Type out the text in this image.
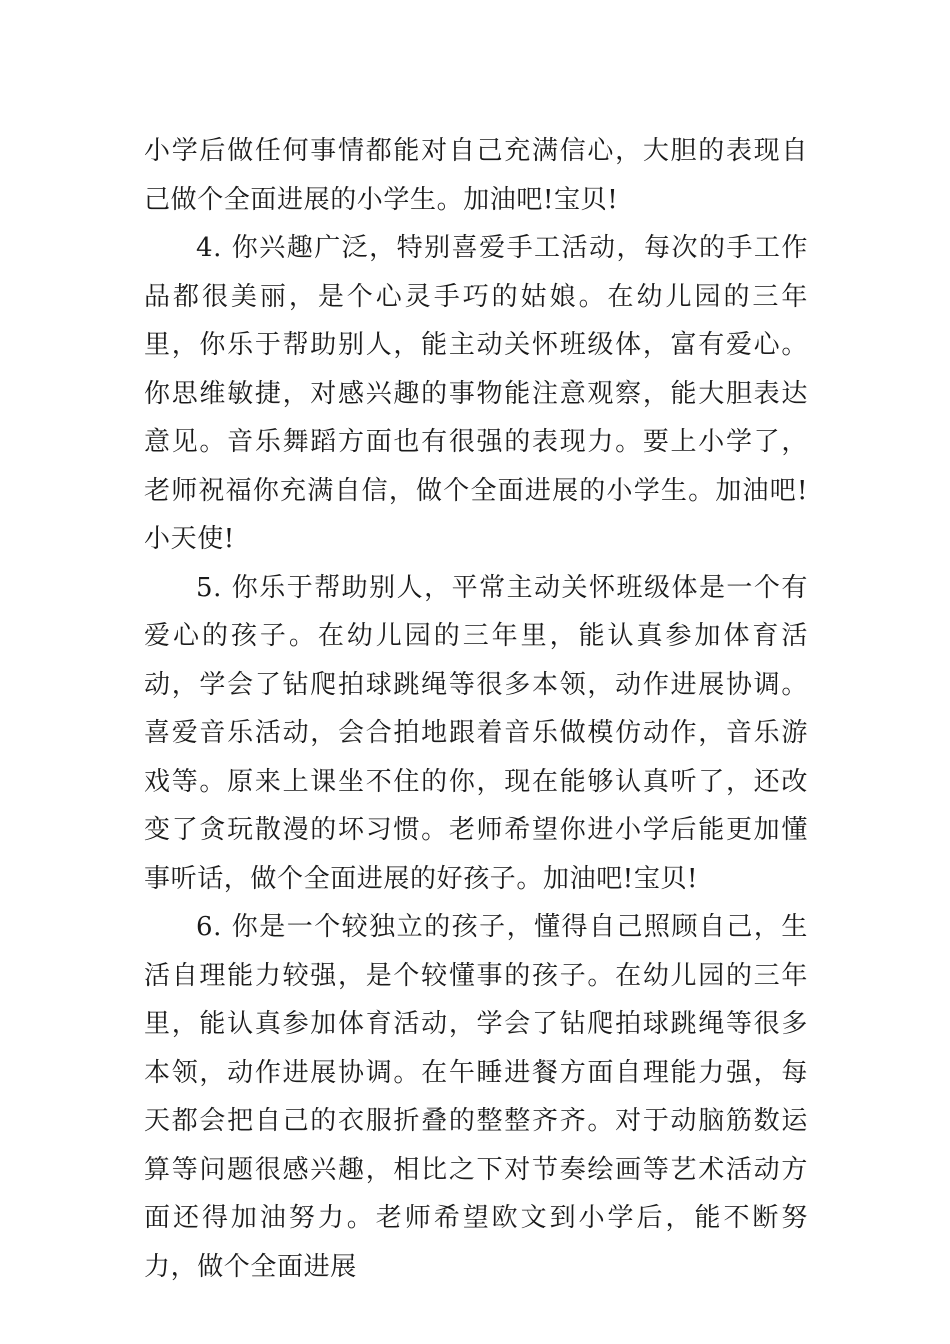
小学后做任何事情都能对自己充满信心，大胆的表现自己做个全面进展的小学生。加油吧!宝贝!

4. 你兴趣广泛，特别喜爱手工活动，每次的手工作品都很美丽，是个心灵手巧的姑娘。在幼儿园的三年里，你乐于帮助别人，能主动关怀班级体，富有爱心。你思维敏捷，对感兴趣的事物能注意观察，能大胆表达意见。音乐舞蹈方面也有很强的表现力。要上小学了，老师祝福你充满自信，做个全面进展的小学生。加油吧!小天使!

5. 你乐于帮助别人，平常主动关怀班级体是一个有爱心的孩子。在幼儿园的三年里，能认真参加体育活动，学会了钻爬拍球跳绳等很多本领，动作进展协调。喜爱音乐活动，会合拍地跟着音乐做模仿动作，音乐游戏等。原来上课坐不住的你，现在能够认真听了，还改变了贪玩散漫的坏习惯。老师希望你进小学后能更加懂事听话，做个全面进展的好孩子。加油吧!宝贝!

6. 你是一个较独立的孩子，懂得自己照顾自己，生活自理能力较强，是个较懂事的孩子。在幼儿园的三年里，能认真参加体育活动，学会了钻爬拍球跳绳等很多本领，动作进展协调。在午睡进餐方面自理能力强，每天都会把自己的衣服折叠的整整齐齐。对于动脑筋数运算等问题很感兴趣，相比之下对节奏绘画等艺术活动方面还得加油努力。老师希望欧文到小学后，能不断努力，做个全面进展
